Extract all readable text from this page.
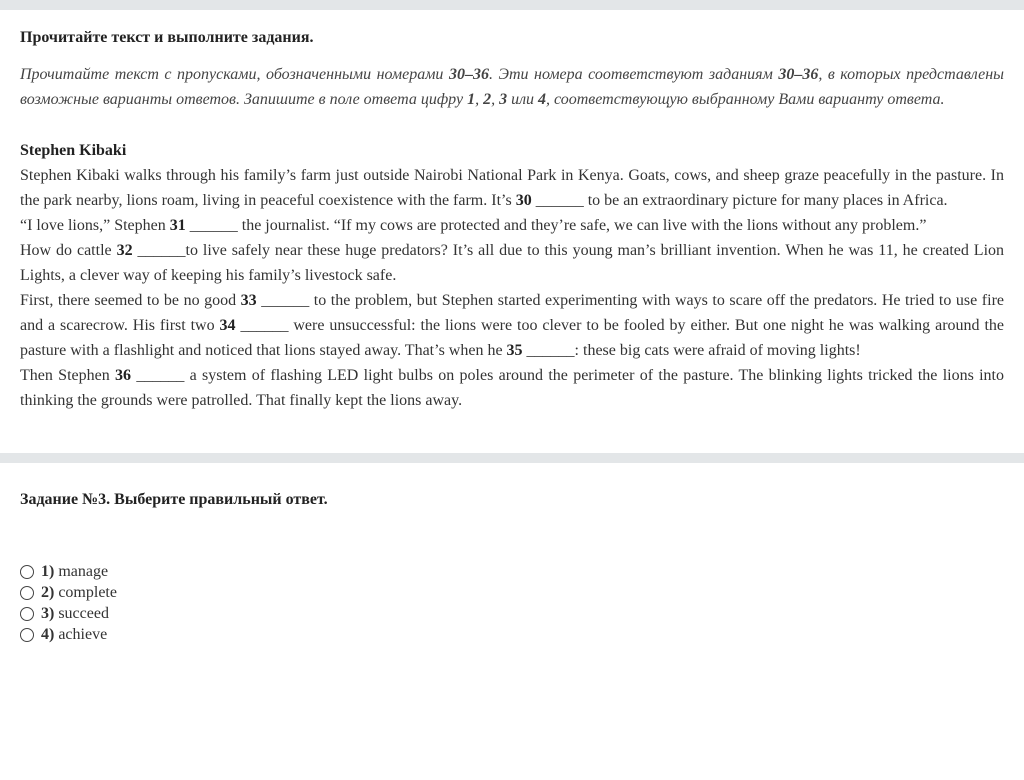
Прочитайте текст и выполните задания.
Прочитайте текст с пропусками, обозначенными номерами 30–36. Эти номера соответствуют заданиям 30–36, в которых представлены возможные варианты ответов. Запишите в поле ответа цифру 1, 2, 3 или 4, соответствующую выбранному Вами варианту ответа.
Stephen Kibaki

Stephen Kibaki walks through his family’s farm just outside Nairobi National Park in Kenya. Goats, cows, and sheep graze peacefully in the pasture. In the park nearby, lions roam, living in peaceful coexistence with the farm. It’s 30 ______ to be an extraordinary picture for many places in Africa.

“I love lions,” Stephen 31 ______ the journalist. “If my cows are protected and they’re safe, we can live with the lions without any problem.”

How do cattle 32 ______to live safely near these huge predators? It’s all due to this young man’s brilliant invention. When he was 11, he created Lion Lights, a clever way of keeping his family’s livestock safe.

First, there seemed to be no good 33 ______ to the problem, but Stephen started experimenting with ways to scare off the predators. He tried to use fire and a scarecrow. His first two 34 ______ were unsuccessful: the lions were too clever to be fooled by either. But one night he was walking around the pasture with a flashlight and noticed that lions stayed away. That’s when he 35 ______: these big cats were afraid of moving lights!

Then Stephen 36 ______ a system of flashing LED light bulbs on poles around the perimeter of the pasture. The blinking lights tricked the lions into thinking the grounds were patrolled. That finally kept the lions away.

Задание №3. Выберите правильный ответ.
1) manage
2) complete
3) succeed
4) achieve
